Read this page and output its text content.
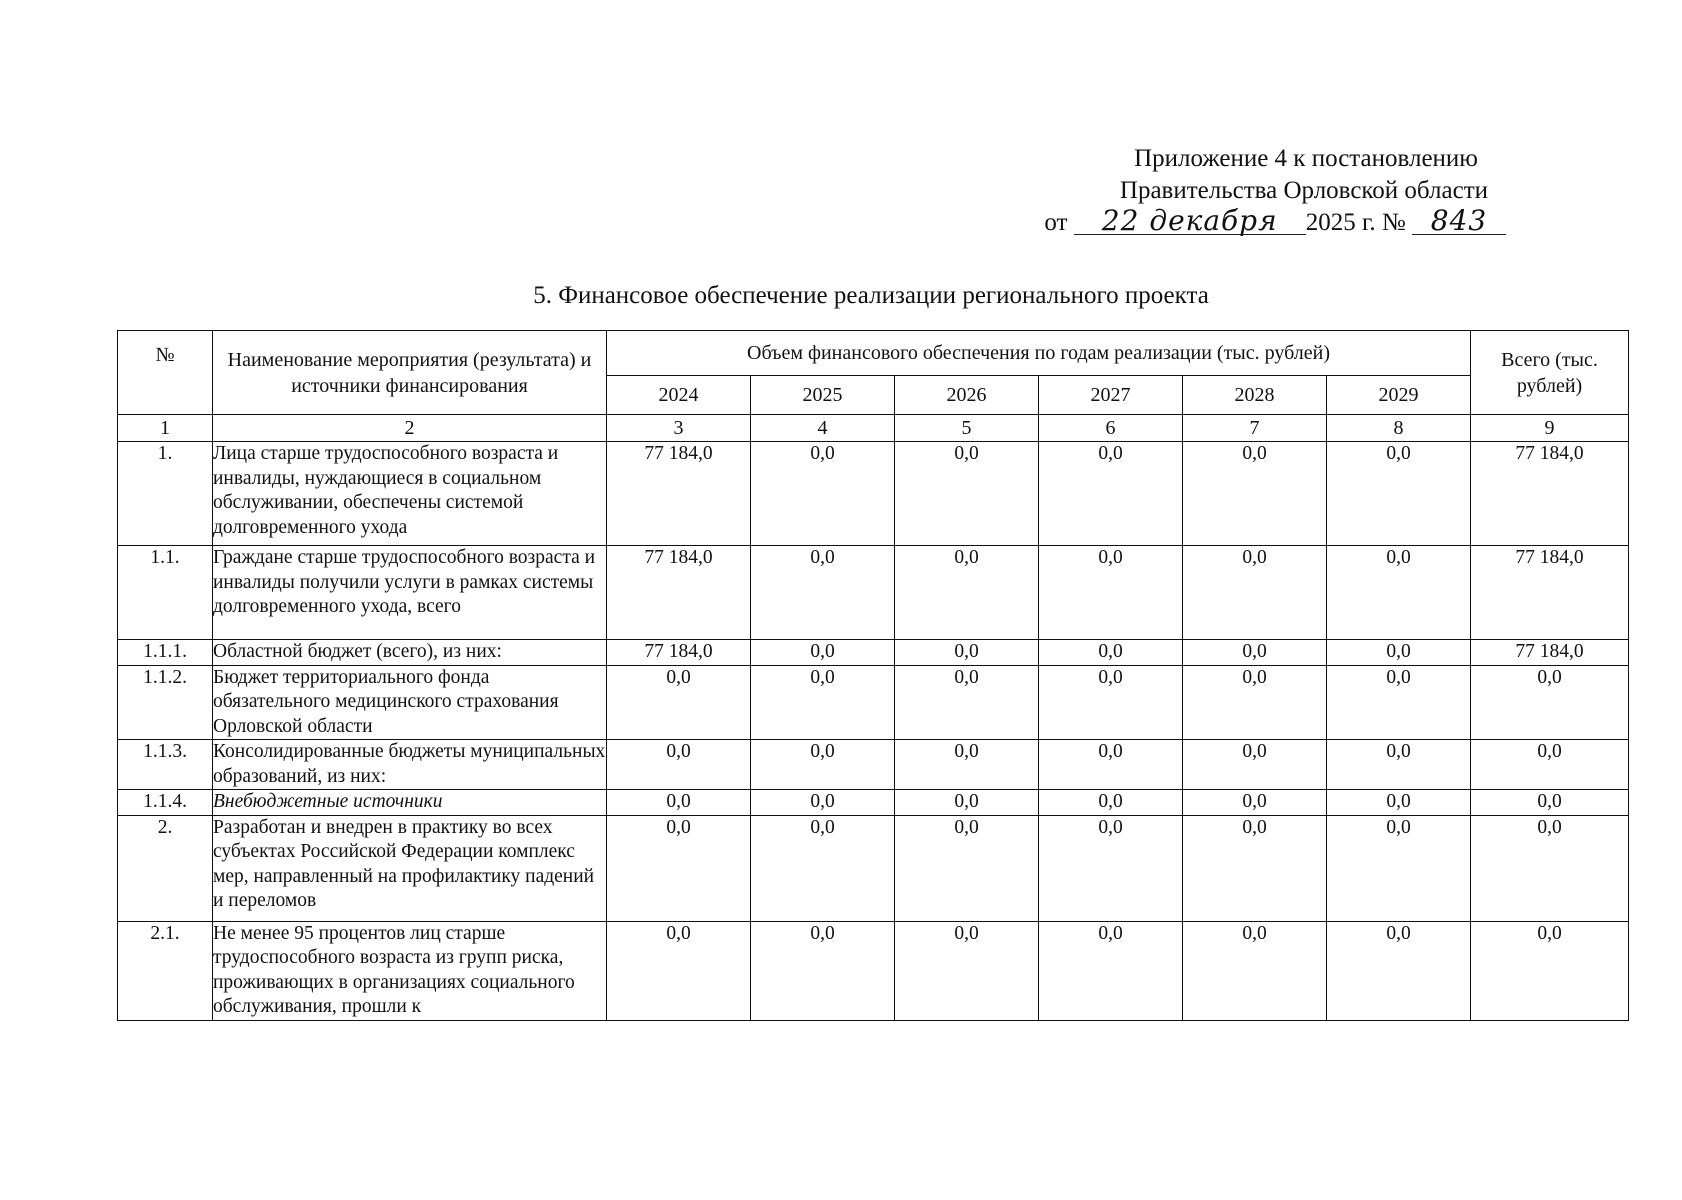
Приложение 4 к постановлению
Правительства Орловской области
от 22 декабря 2025 г. № 843
5. Финансовое обеспечение реализации регионального проекта
№	Наименование мероприятия (результата) и источники финансирования	Объем финансового обеспечения по годам реализации (тыс. рублей)						Всего (тыс. рублей)
		2024	2025	2026	2027	2028	2029	
1	2	3	4	5	6	7	8	9
1.	Лица старше трудоспособного возраста и инвалиды, нуждающиеся в социальном обслуживании, обеспечены системой долговременного ухода	77 184,0	0,0	0,0	0,0	0,0	0,0	77 184,0
1.1.	Граждане старше трудоспособного возраста и инвалиды получили услуги в рамках системы долговременного ухода, всего	77 184,0	0,0	0,0	0,0	0,0	0,0	77 184,0
1.1.1.	Областной бюджет (всего), из них:	77 184,0	0,0	0,0	0,0	0,0	0,0	77 184,0
1.1.2.	Бюджет территориального фонда обязательного медицинского страхования Орловской области	0,0	0,0	0,0	0,0	0,0	0,0	0,0
1.1.3.	Консолидированные бюджеты муниципальных образований, из них:	0,0	0,0	0,0	0,0	0,0	0,0	0,0
1.1.4.	Внебюджетные источники	0,0	0,0	0,0	0,0	0,0	0,0	0,0
2.	Разработан и внедрен в практику во всех субъектах Российской Федерации комплекс мер, направленный на профилактику падений и переломов	0,0	0,0	0,0	0,0	0,0	0,0	0,0
2.1.	Не менее 95 процентов лиц старше трудоспособного возраста из групп риска, проживающих в организациях социального обслуживания, прошли к	0,0	0,0	0,0	0,0	0,0	0,0	0,0
